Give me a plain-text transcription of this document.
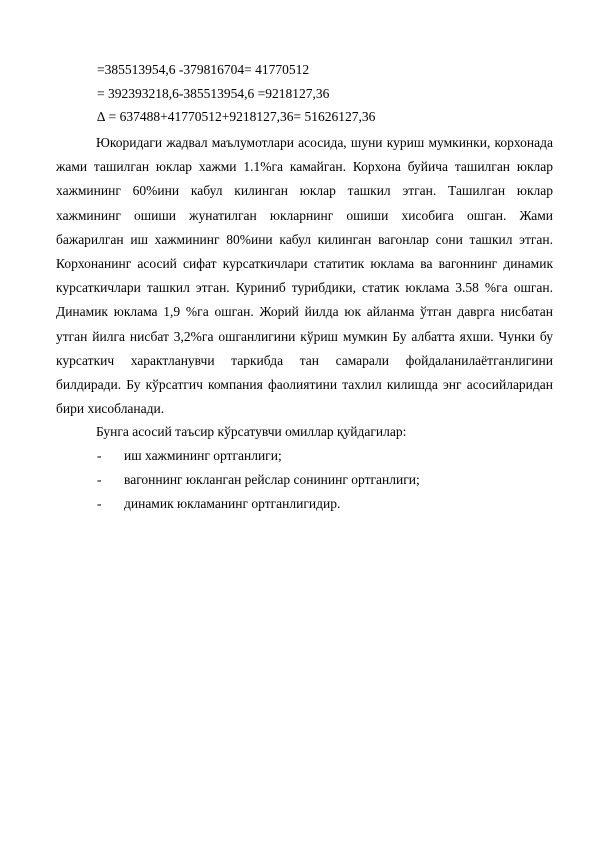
=385513954,6 -379816704= 41770512
= 392393218,6-385513954,6 =9218127,36
∆ = 637488+41770512+9218127,36= 51626127,36
Юкоридаги жадвал маълумотлари асосида, шуни куриш мумкинки, корхонада жами ташилган юклар хажми 1.1%га камайган. Корхона буйича ташилган юклар хажмининг 60%ини кабул килинган юклар ташкил этган. Ташилган юклар хажмининг ошиши жунатилган юкларнинг ошиши хисобига ошган. Жами бажарилган иш хажмининг 80%ини кабул килинган вагонлар сони ташкил этган. Корхонанинг асосий сифат курсаткичлари статитик юклама ва вагоннинг динамик курсаткичлари ташкил этган. Куриниб турибдики, статик юклама 3.58 %га ошган. Динамик юклама 1,9 %га ошган. Жорий йилда юк айланма ўтган даврга нисбатан утган йилга нисбат 3,2%га ошганлигини кўриш мумкин Бу албатта яхши. Чунки бу курсаткич характланувчи таркибда тан самарали фойдаланилаётганлигини билдиради. Бу кўрсатгич компания фаолиятини тахлил килишда энг асосийларидан бири хисобланади.
Бунга асосий таъсир кўрсатувчи омиллар қуйдагилар:
- иш хажмининг ортганлиги;
- вагоннинг юкланган рейслар сонининг ортганлиги;
- динамик юкламанинг ортганлигидир.
